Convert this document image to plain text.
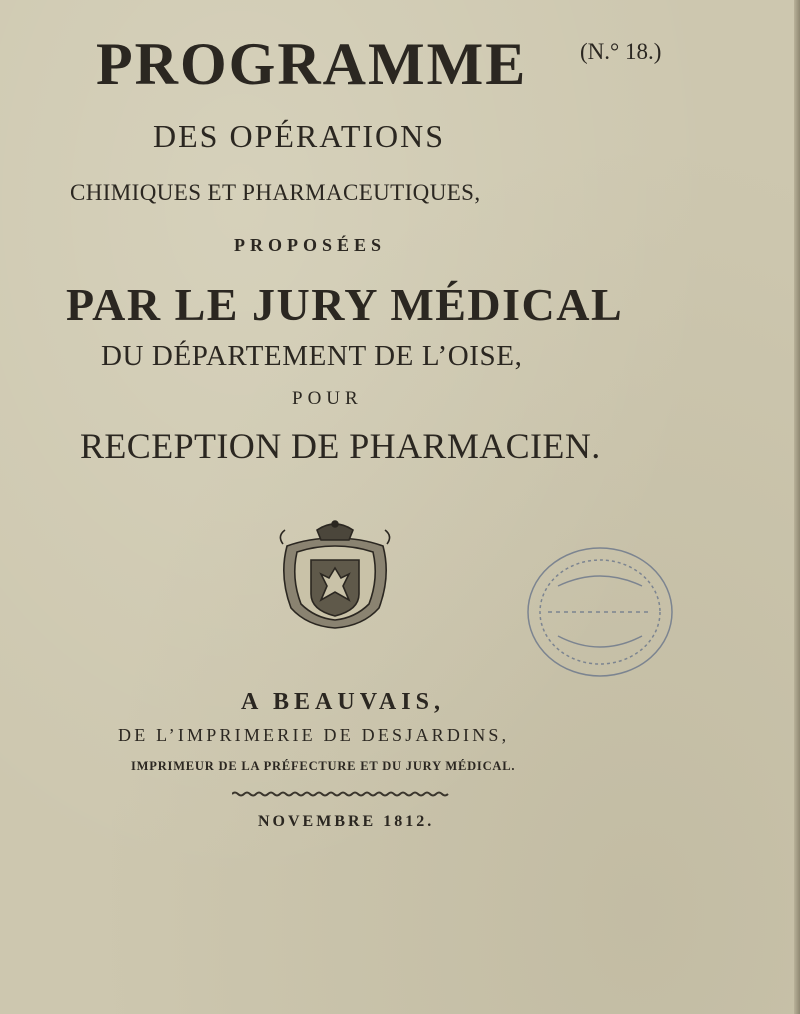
PROGRAMME (N.° 18.)
DES OPÉRATIONS
CHIMIQUES ET PHARMACEUTIQUES,
PROPOSÉES
PAR LE JURY MÉDICAL
DU DÉPARTEMENT DE L’OISE,
POUR
RECEPTION DE PHARMACIEN.
A BEAUVAIS,
DE L’IMPRIMERIE DE DESJARDINS,
IMPRIMEUR DE LA PRÉFECTURE ET DU JURY MÉDICAL.
NOVEMBRE 1812.
